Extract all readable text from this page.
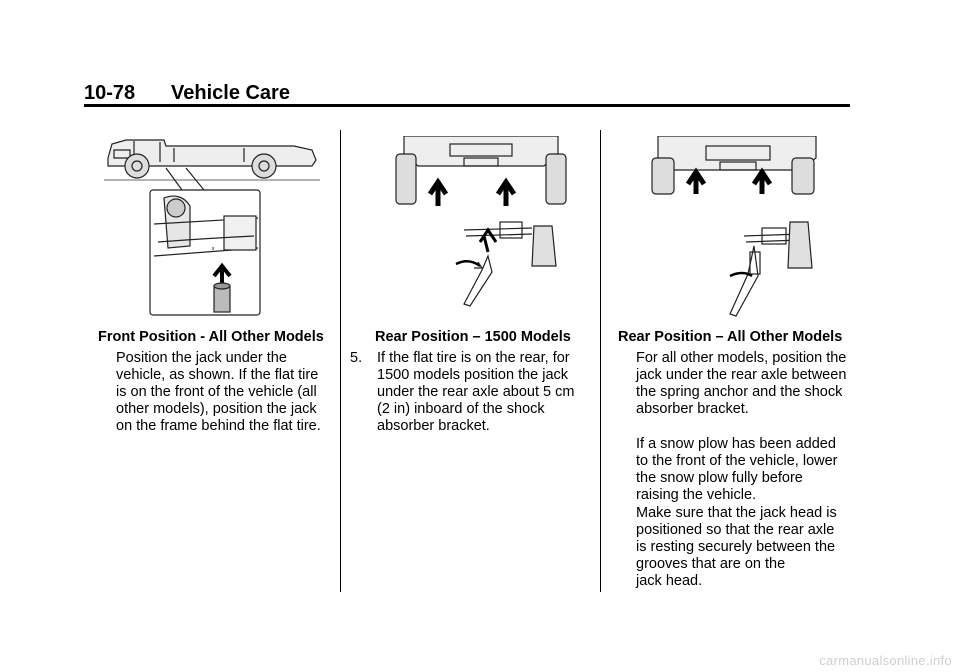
10-78 Vehicle Care
x
Front Position - All Other Models
Position the jack under the
vehicle, as shown. If the flat tire
is on the front of the vehicle (all
other models), position the jack
on the frame behind the flat tire.
Rear Position – 1500 Models
5. If the flat tire is on the rear, for
1500 models position the jack
under the rear axle about 5 cm
(2 in) inboard of the shock
absorber bracket.
Rear Position – All Other Models
For all other models, position the
jack under the rear axle between
the spring anchor and the shock
absorber bracket.
If a snow plow has been added
to the front of the vehicle, lower
the snow plow fully before
raising the vehicle.
Make sure that the jack head is
positioned so that the rear axle
is resting securely between the
grooves that are on the
jack head.
carmanualsonline.info
